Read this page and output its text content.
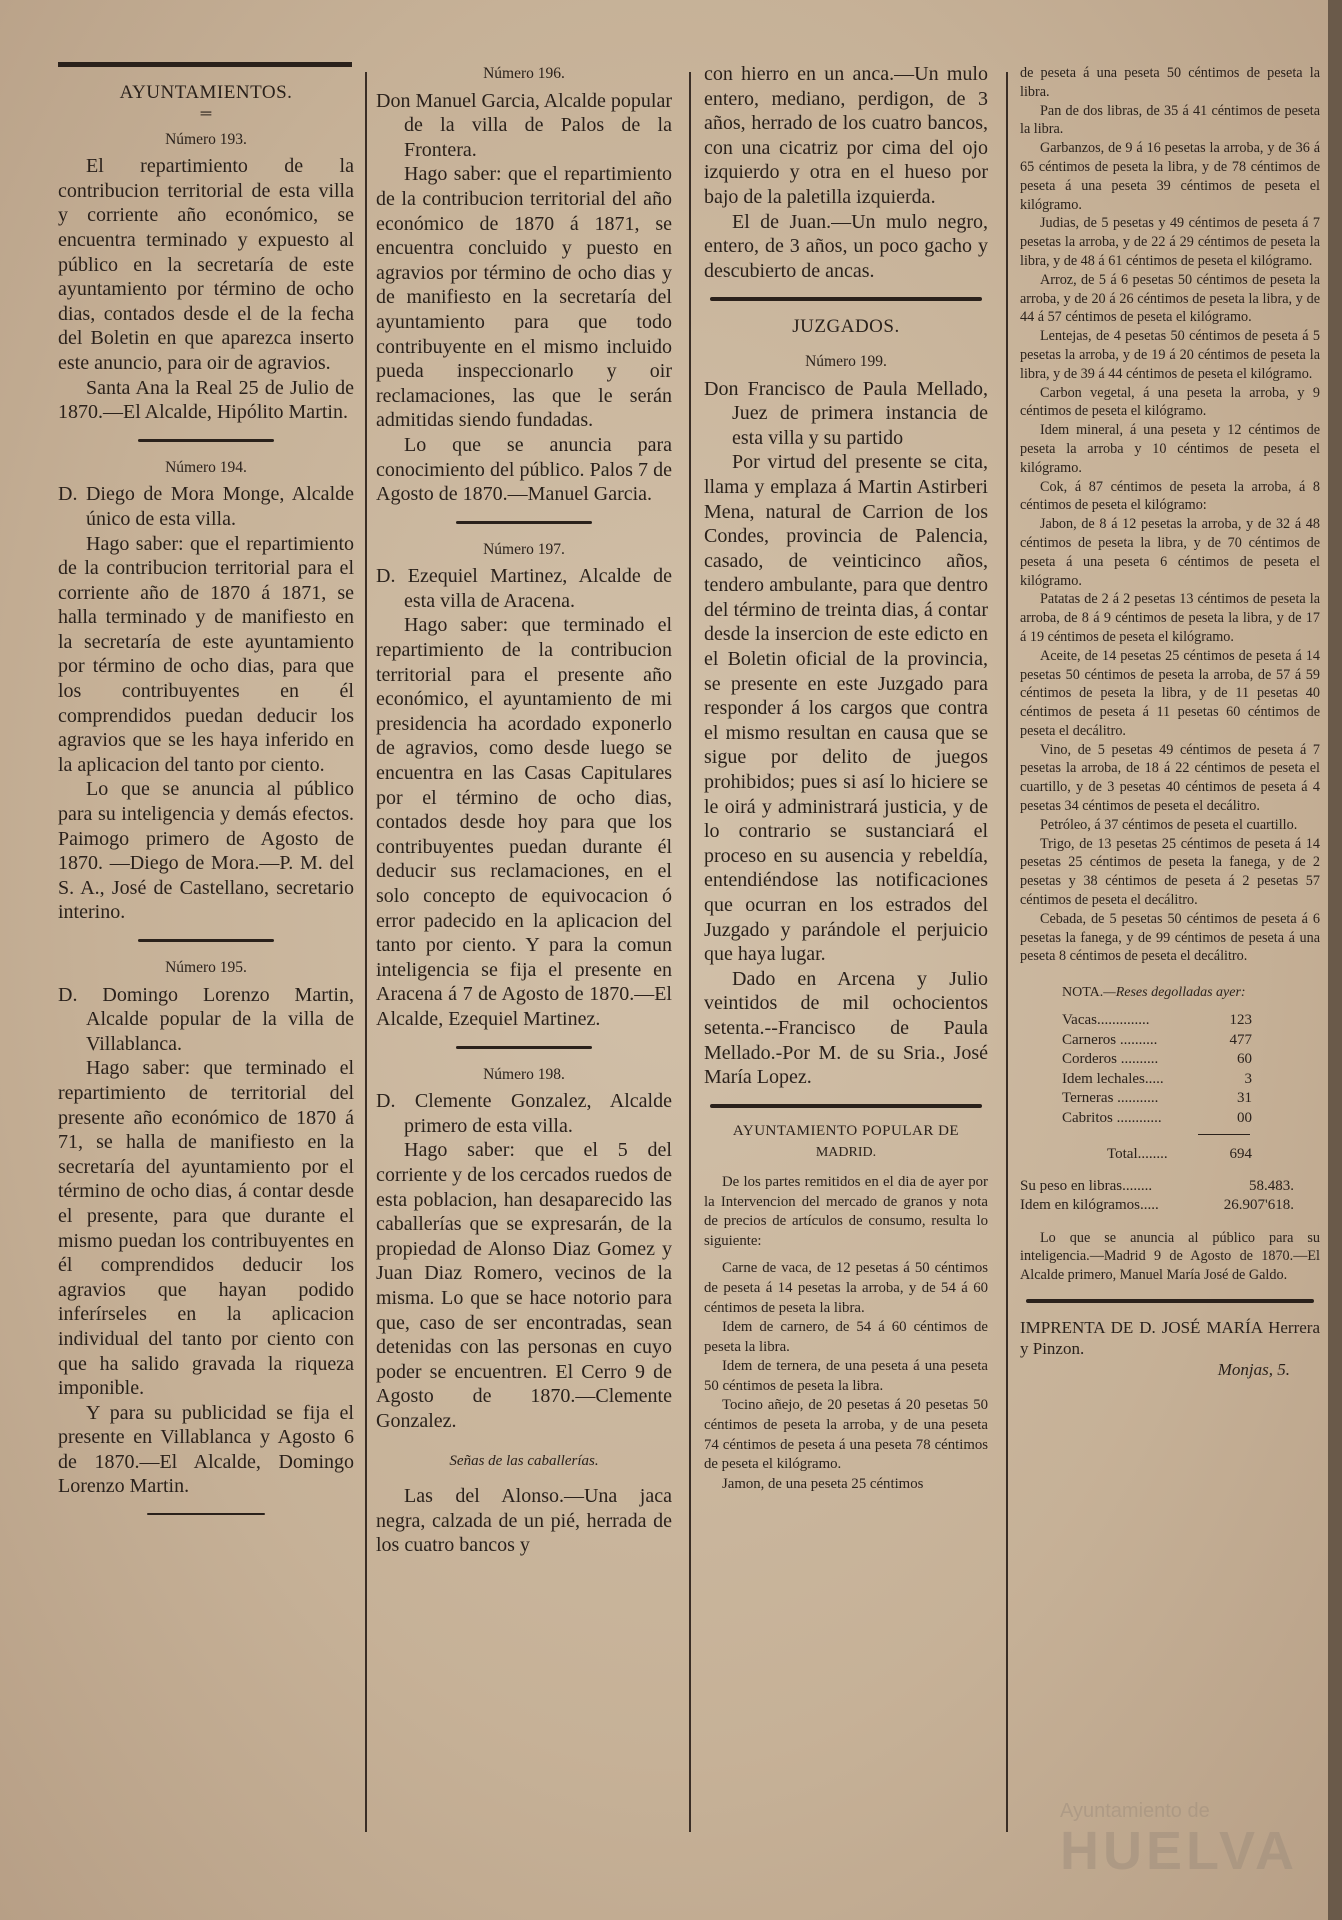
AYUNTAMIENTOS.
═
Número 193.

El repartimiento de la contribucion territorial de esta villa y corriente año económico, se encuentra terminado y expuesto al público en la secretaría de este ayuntamiento por término de ocho dias, contados desde el de la fecha del Boletin en que aparezca inserto este anuncio, para oir de agravios.

Santa Ana la Real 25 de Julio de 1870.—El Alcalde, Hipólito Martin.

Número 194.

D. Diego de Mora Monge, Alcalde único de esta villa.

Hago saber: que el repartimiento de la contribucion territorial para el corriente año de 1870 á 1871, se halla terminado y de manifiesto en la secretaría de este ayuntamiento por término de ocho dias, para que los contribuyentes en él comprendidos puedan deducir los agravios que se les haya inferido en la aplicacion del tanto por ciento.

Lo que se anuncia al público para su inteligencia y demás efectos. Paimogo primero de Agosto de 1870. —Diego de Mora.—P. M. del S. A., José de Castellano, secretario interino.

Número 195.

D. Domingo Lorenzo Martin, Alcalde popular de la villa de Villablanca.

Hago saber: que terminado el repartimiento de territorial del presente año económico de 1870 á 71, se halla de manifiesto en la secretaría del ayuntamiento por el término de ocho dias, á contar desde el presente, para que durante el mismo puedan los contribuyentes en él comprendidos deducir los agravios que hayan podido inferírseles en la aplicacion individual del tanto por ciento con que ha salido gravada la riqueza imponible.

Y para su publicidad se fija el presente en Villablanca y Agosto 6 de 1870.—El Alcalde, Domingo Lorenzo Martin.

Número 196.

Don Manuel Garcia, Alcalde popular de la villa de Palos de la Frontera.

Hago saber: que el repartimiento de la contribucion territorial del año económico de 1870 á 1871, se encuentra concluido y puesto en agravios por término de ocho dias y de manifiesto en la secretaría del ayuntamiento para que todo contribuyente en el mismo incluido pueda inspeccionarlo y oir reclamaciones, las que le serán admitidas siendo fundadas.

Lo que se anuncia para conocimiento del público. Palos 7 de Agosto de 1870.—Manuel Garcia.

Número 197.

D. Ezequiel Martinez, Alcalde de esta villa de Aracena.

Hago saber: que terminado el repartimiento de la contribucion territorial para el presente año económico, el ayuntamiento de mi presidencia ha acordado exponerlo de agravios, como desde luego se encuentra en las Casas Capitulares por el término de ocho dias, contados desde hoy para que los contribuyentes puedan durante él deducir sus reclamaciones, en el solo concepto de equivocacion ó error padecido en la aplicacion del tanto por ciento. Y para la comun inteligencia se fija el presente en Aracena á 7 de Agosto de 1870.—El Alcalde, Ezequiel Martinez.

Número 198.

D. Clemente Gonzalez, Alcalde primero de esta villa.

Hago saber: que el 5 del corriente y de los cercados ruedos de esta poblacion, han desaparecido las caballerías que se expresarán, de la propiedad de Alonso Diaz Gomez y Juan Diaz Romero, vecinos de la misma. Lo que se hace notorio para que, caso de ser encontradas, sean detenidas con las personas en cuyo poder se encuentren. El Cerro 9 de Agosto de 1870.—Clemente Gonzalez.

Señas de las caballerías.

Las del Alonso.—Una jaca negra, calzada de un pié, herrada de los cuatro bancos y

con hierro en un anca.—Un mulo entero, mediano, perdigon, de 3 años, herrado de los cuatro bancos, con una cicatriz por cima del ojo izquierdo y otra en el hueso por bajo de la paletilla izquierda.

El de Juan.—Un mulo negro, entero, de 3 años, un poco gacho y descubierto de ancas.

JUZGADOS.
Número 199.

Don Francisco de Paula Mellado, Juez de primera instancia de esta villa y su partido

Por virtud del presente se cita, llama y emplaza á Martin Astirberi Mena, natural de Carrion de los Condes, provincia de Palencia, casado, de veinticinco años, tendero ambulante, para que dentro del término de treinta dias, á contar desde la insercion de este edicto en el Boletin oficial de la provincia, se presente en este Juzgado para responder á los cargos que contra el mismo resultan en causa que se sigue por delito de juegos prohibidos; pues si así lo hiciere se le oirá y administrará justicia, y de lo contrario se sustanciará el proceso en su ausencia y rebeldía, entendiéndose las notificaciones que ocurran en los estrados del Juzgado y parándole el perjuicio que haya lugar.

Dado en Arcena y Julio veintidos de mil ochocientos setenta.--Francisco de Paula Mellado.-Por M. de su Sria., José María Lopez.

AYUNTAMIENTO POPULAR DE
MADRID.

De los partes remitidos en el dia de ayer por la Intervencion del mercado de granos y nota de precios de artículos de consumo, resulta lo siguiente:

Carne de vaca, de 12 pesetas á 50 céntimos de peseta á 14 pesetas la arroba, y de 54 á 60 céntimos de peseta la libra.

Idem de carnero, de 54 á 60 céntimos de peseta la libra.

Idem de ternera, de una peseta á una peseta 50 céntimos de peseta la libra.

Tocino añejo, de 20 pesetas á 20 pesetas 50 céntimos de peseta la arroba, y de una peseta 74 céntimos de peseta á una peseta 78 céntimos de peseta el kilógramo.

Jamon, de una peseta 25 céntimos

de peseta á una peseta 50 céntimos de peseta la libra.

Pan de dos libras, de 35 á 41 céntimos de peseta la libra.

Garbanzos, de 9 á 16 pesetas la arroba, y de 36 á 65 céntimos de peseta la libra, y de 78 céntimos de peseta á una peseta 39 céntimos de peseta el kilógramo.

Judias, de 5 pesetas y 49 céntimos de peseta á 7 pesetas la arroba, y de 22 á 29 céntimos de peseta la libra, y de 48 á 61 céntimos de peseta el kilógramo.

Arroz, de 5 á 6 pesetas 50 céntimos de peseta la arroba, y de 20 á 26 céntimos de peseta la libra, y de 44 á 57 céntimos de peseta el kilógramo.

Lentejas, de 4 pesetas 50 céntimos de peseta á 5 pesetas la arroba, y de 19 á 20 céntimos de peseta la libra, y de 39 á 44 céntimos de peseta el kilógramo.

Carbon vegetal, á una peseta la arroba, y 9 céntimos de peseta el kilógramo.

Idem mineral, á una peseta y 12 céntimos de peseta la arroba y 10 céntimos de peseta el kilógramo.

Cok, á 87 céntimos de peseta la arroba, á 8 céntimos de peseta el kilógramo:

Jabon, de 8 á 12 pesetas la arroba, y de 32 á 48 céntimos de peseta la libra, y de 70 céntimos de peseta á una peseta 6 céntimos de peseta el kilógramo.

Patatas de 2 á 2 pesetas 13 céntimos de peseta la arroba, de 8 á 9 céntimos de peseta la libra, y de 17 á 19 céntimos de peseta el kilógramo.

Aceite, de 14 pesetas 25 céntimos de peseta á 14 pesetas 50 céntimos de peseta la arroba, de 57 á 59 céntimos de peseta la libra, y de 11 pesetas 40 céntimos de peseta á 11 pesetas 60 céntimos de peseta el decálitro.

Vino, de 5 pesetas 49 céntimos de peseta á 7 pesetas la arroba, de 18 á 22 céntimos de peseta el cuartillo, y de 3 pesetas 40 céntimos de peseta á 4 pesetas 34 céntimos de peseta el decálitro.

Petróleo, á 37 céntimos de peseta el cuartillo.

Trigo, de 13 pesetas 25 céntimos de peseta á 14 pesetas 25 céntimos de peseta la fanega, y de 2 pesetas y 38 céntimos de peseta á 2 pesetas 57 céntimos de peseta el decálitro.

Cebada, de 5 pesetas 50 céntimos de peseta á 6 pesetas la fanega, y de 99 céntimos de peseta á una peseta 8 céntimos de peseta el decálitro.

NOTA.—Reses degolladas ayer:
Vacas..............	123
Carneros ..........	477
Corderos ..........	60
Idem lechales.....	3
Terneras ...........	31
Cabritos ............	00
Total........	694
Su peso en libras........	58.483.
Idem en kilógramos.....	26.907'618.

Lo que se anuncia al público para su inteligencia.—Madrid 9 de Agosto de 1870.—El Alcalde primero, Manuel María José de Galdo.

IMPRENTA DE D. JOSÉ MARÍA Herrera y Pinzon.

Monjas, 5.

Ayuntamiento de
HUELVA
